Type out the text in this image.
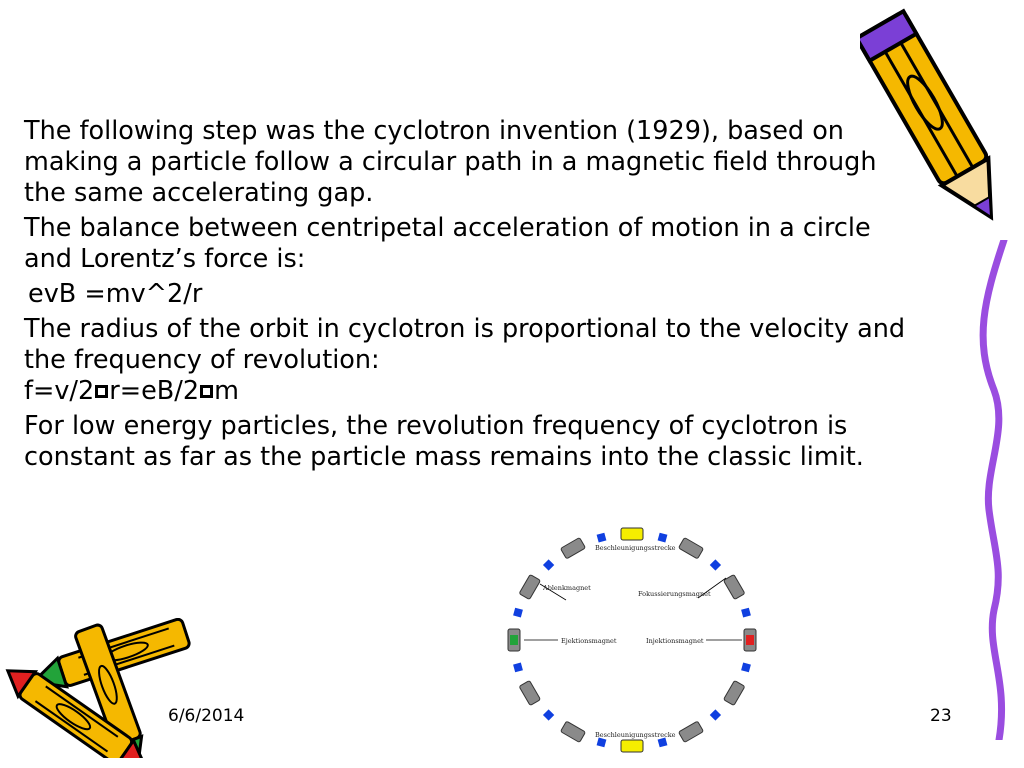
The following step was the cyclotron invention (1929), based on making a particle follow a circular path in a magnetic field through the same accelerating gap.

The balance between centripetal acceleration of motion in a circle and Lorentz’s force is:

evB =mv^2/r

The radius of the orbit in cyclotron is proportional to the velocity and the frequency of revolution:
f=v/2 r=eB/2 m

For low energy particles, the revolution frequency of cyclotron is constant as far as the particle mass remains into the classic limit.

Beschleunigungsstrecke
Ablenkmagnet
Fokussierungsmagnet
Ejektionsmagnet	Injektionsmagnet
Beschleunigungsstrecke
6/6/2014	23
